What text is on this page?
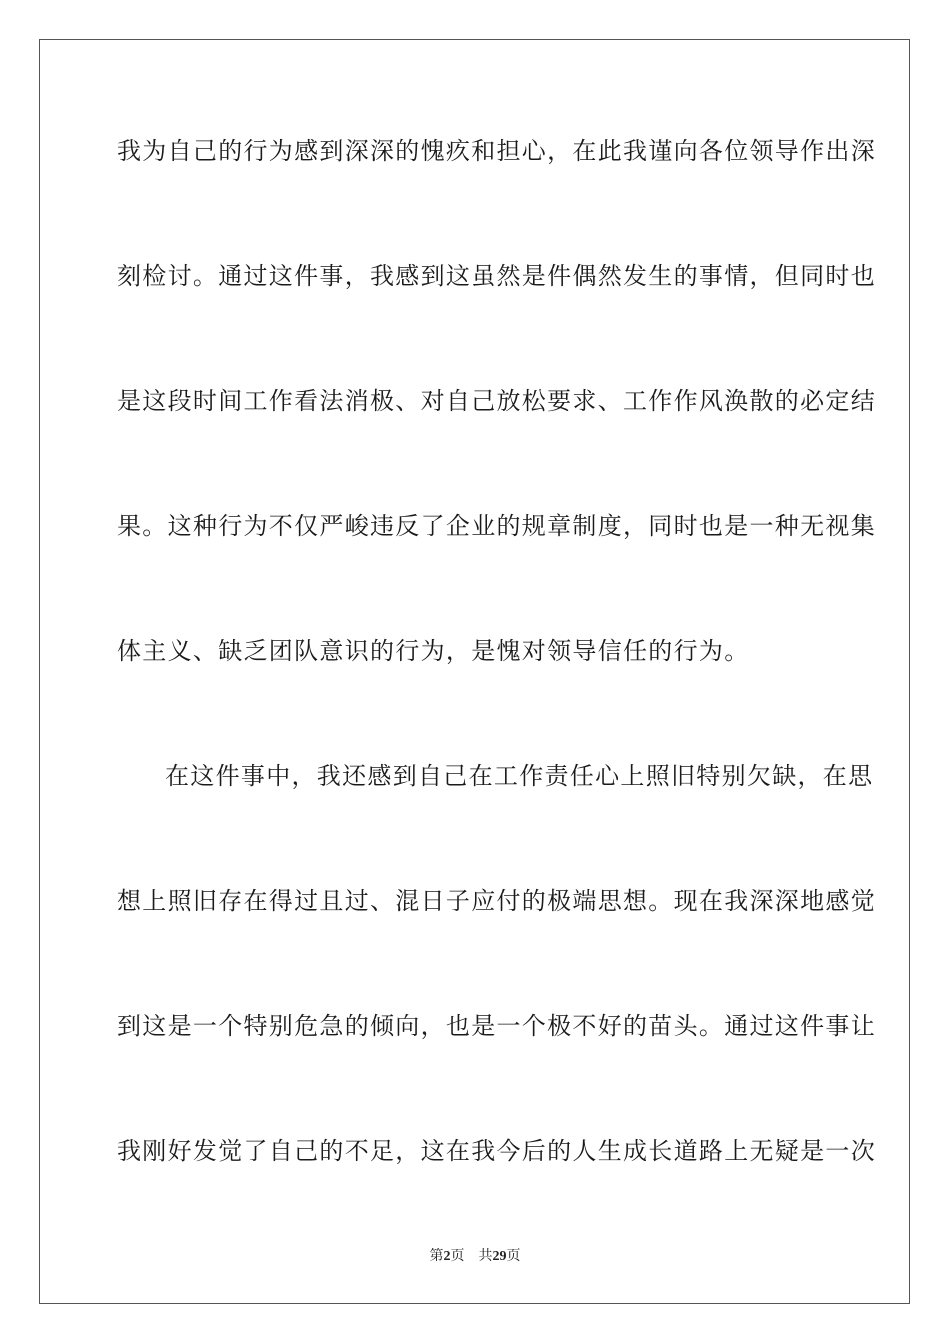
我为自己的行为感到深深的愧疚和担心，在此我谨向各位领导作出深
刻检讨。通过这件事，我感到这虽然是件偶然发生的事情，但同时也
是这段时间工作看法消极、对自己放松要求、工作作风涣散的必定结
果。这种行为不仅严峻违反了企业的规章制度，同时也是一种无视集
体主义、缺乏团队意识的行为，是愧对领导信任的行为。
在这件事中，我还感到自己在工作责任心上照旧特别欠缺，在思
想上照旧存在得过且过、混日子应付的极端思想。现在我深深地感觉
到这是一个特别危急的倾向，也是一个极不好的苗头。通过这件事让
我刚好发觉了自己的不足，这在我今后的人生成长道路上无疑是一次
第2页 共29页
